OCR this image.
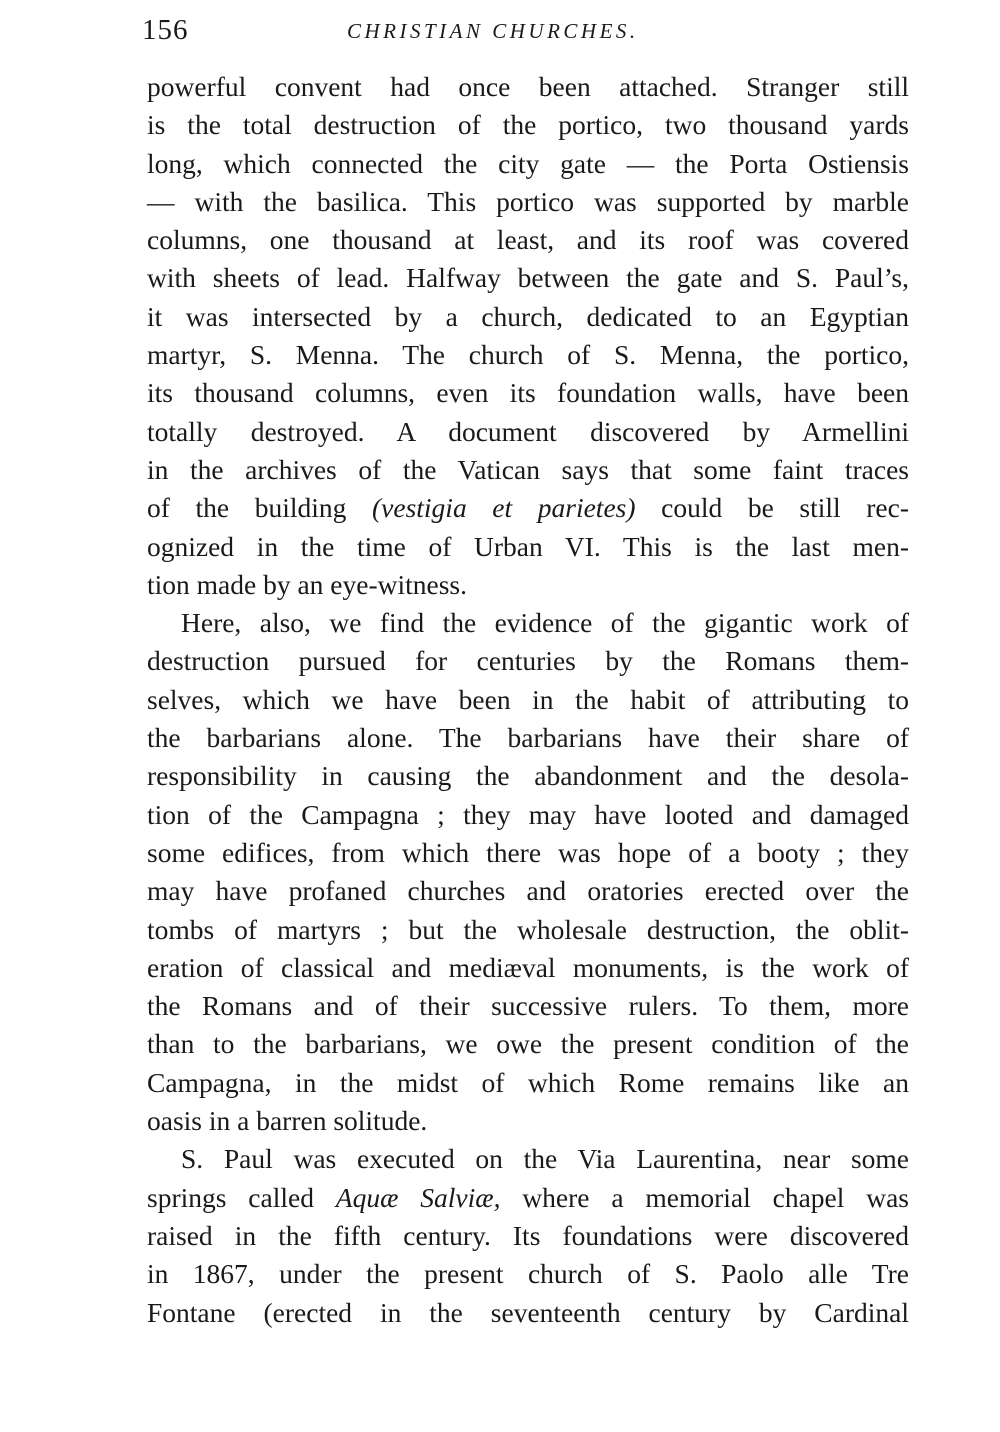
156	CHRISTIAN CHURCHES.
powerful convent had once been attached. Stranger still
is the total destruction of the portico, two thousand yards
long, which connected the city gate — the Porta Ostiensis
— with the basilica. This portico was supported by marble
columns, one thousand at least, and its roof was covered
with sheets of lead. Halfway between the gate and S. Paul’s,
it was intersected by a church, dedicated to an Egyptian
martyr, S. Menna. The church of S. Menna, the portico,
its thousand columns, even its foundation walls, have been
totally destroyed. A document discovered by Armellini
in the archives of the Vatican says that some faint traces
of the building (vestigia et parietes) could be still rec-
ognized in the time of Urban VI. This is the last men-
tion made by an eye-witness.
Here, also, we find the evidence of the gigantic work of
destruction pursued for centuries by the Romans them-
selves, which we have been in the habit of attributing to
the barbarians alone. The barbarians have their share of
responsibility in causing the abandonment and the desola-
tion of the Campagna ; they may have looted and damaged
some edifices, from which there was hope of a booty ; they
may have profaned churches and oratories erected over the
tombs of martyrs ; but the wholesale destruction, the oblit-
eration of classical and mediæval monuments, is the work of
the Romans and of their successive rulers. To them, more
than to the barbarians, we owe the present condition of the
Campagna, in the midst of which Rome remains like an
oasis in a barren solitude.
S. Paul was executed on the Via Laurentina, near some
springs called Aquæ Salviæ, where a memorial chapel was
raised in the fifth century. Its foundations were discovered
in 1867, under the present church of S. Paolo alle Tre
Fontane (erected in the seventeenth century by Cardinal
